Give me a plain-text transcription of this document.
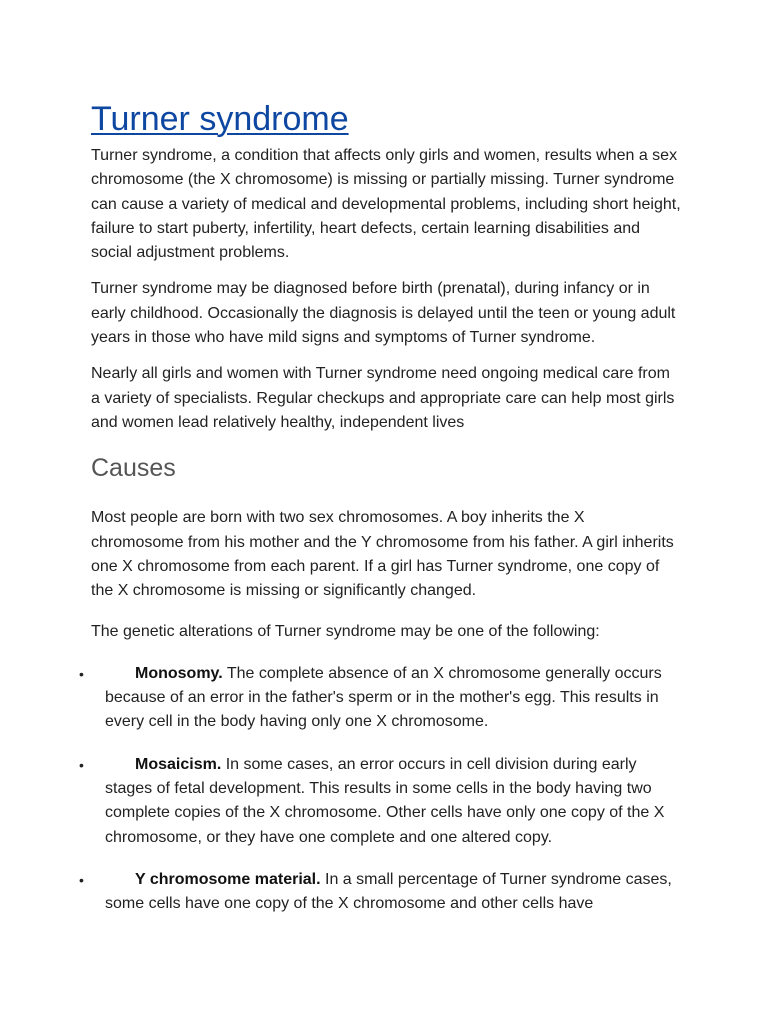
Turner syndrome

Turner syndrome, a condition that affects only girls and women, results when a sex chromosome (the X chromosome) is missing or partially missing. Turner syndrome can cause a variety of medical and developmental problems, including short height, failure to start puberty, infertility, heart defects, certain learning disabilities and social adjustment problems.

Turner syndrome may be diagnosed before birth (prenatal), during infancy or in early childhood. Occasionally the diagnosis is delayed until the teen or young adult years in those who have mild signs and symptoms of Turner syndrome.

Nearly all girls and women with Turner syndrome need ongoing medical care from a variety of specialists. Regular checkups and appropriate care can help most girls and women lead relatively healthy, independent lives

Causes

Most people are born with two sex chromosomes. A boy inherits the X chromosome from his mother and the Y chromosome from his father. A girl inherits one X chromosome from each parent. If a girl has Turner syndrome, one copy of the X chromosome is missing or significantly changed.

The genetic alterations of Turner syndrome may be one of the following:

•	Monosomy. The complete absence of an X chromosome generally occurs because of an error in the father's sperm or in the mother's egg. This results in every cell in the body having only one X chromosome.
•	Mosaicism. In some cases, an error occurs in cell division during early stages of fetal development. This results in some cells in the body having two complete copies of the X chromosome. Other cells have only one copy of the X chromosome, or they have one complete and one altered copy.
•	Y chromosome material. In a small percentage of Turner syndrome cases, some cells have one copy of the X chromosome and other cells have
